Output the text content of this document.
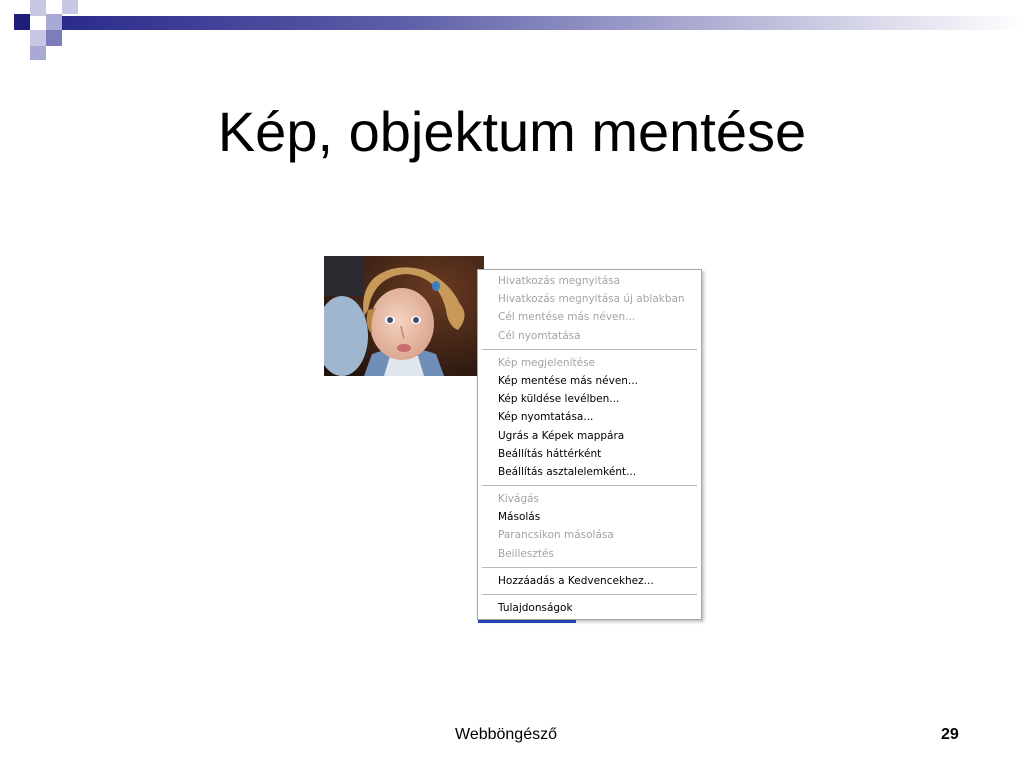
Kép, objektum mentése
Hivatkozás megnyitása
Hivatkozás megnyitása új ablakban
Cél mentése más néven...
Cél nyomtatása
Kép megjelenítése
Kép mentése más néven...
Kép küldése levélben...
Kép nyomtatása...
Ugrás a Képek mappára
Beállítás háttérként
Beállítás asztalelemként...
Kivágás
Másolás
Parancsikon másolása
Beillesztés
Hozzáadás a Kedvencekhez...
Tulajdonságok
Webböngésző	29
